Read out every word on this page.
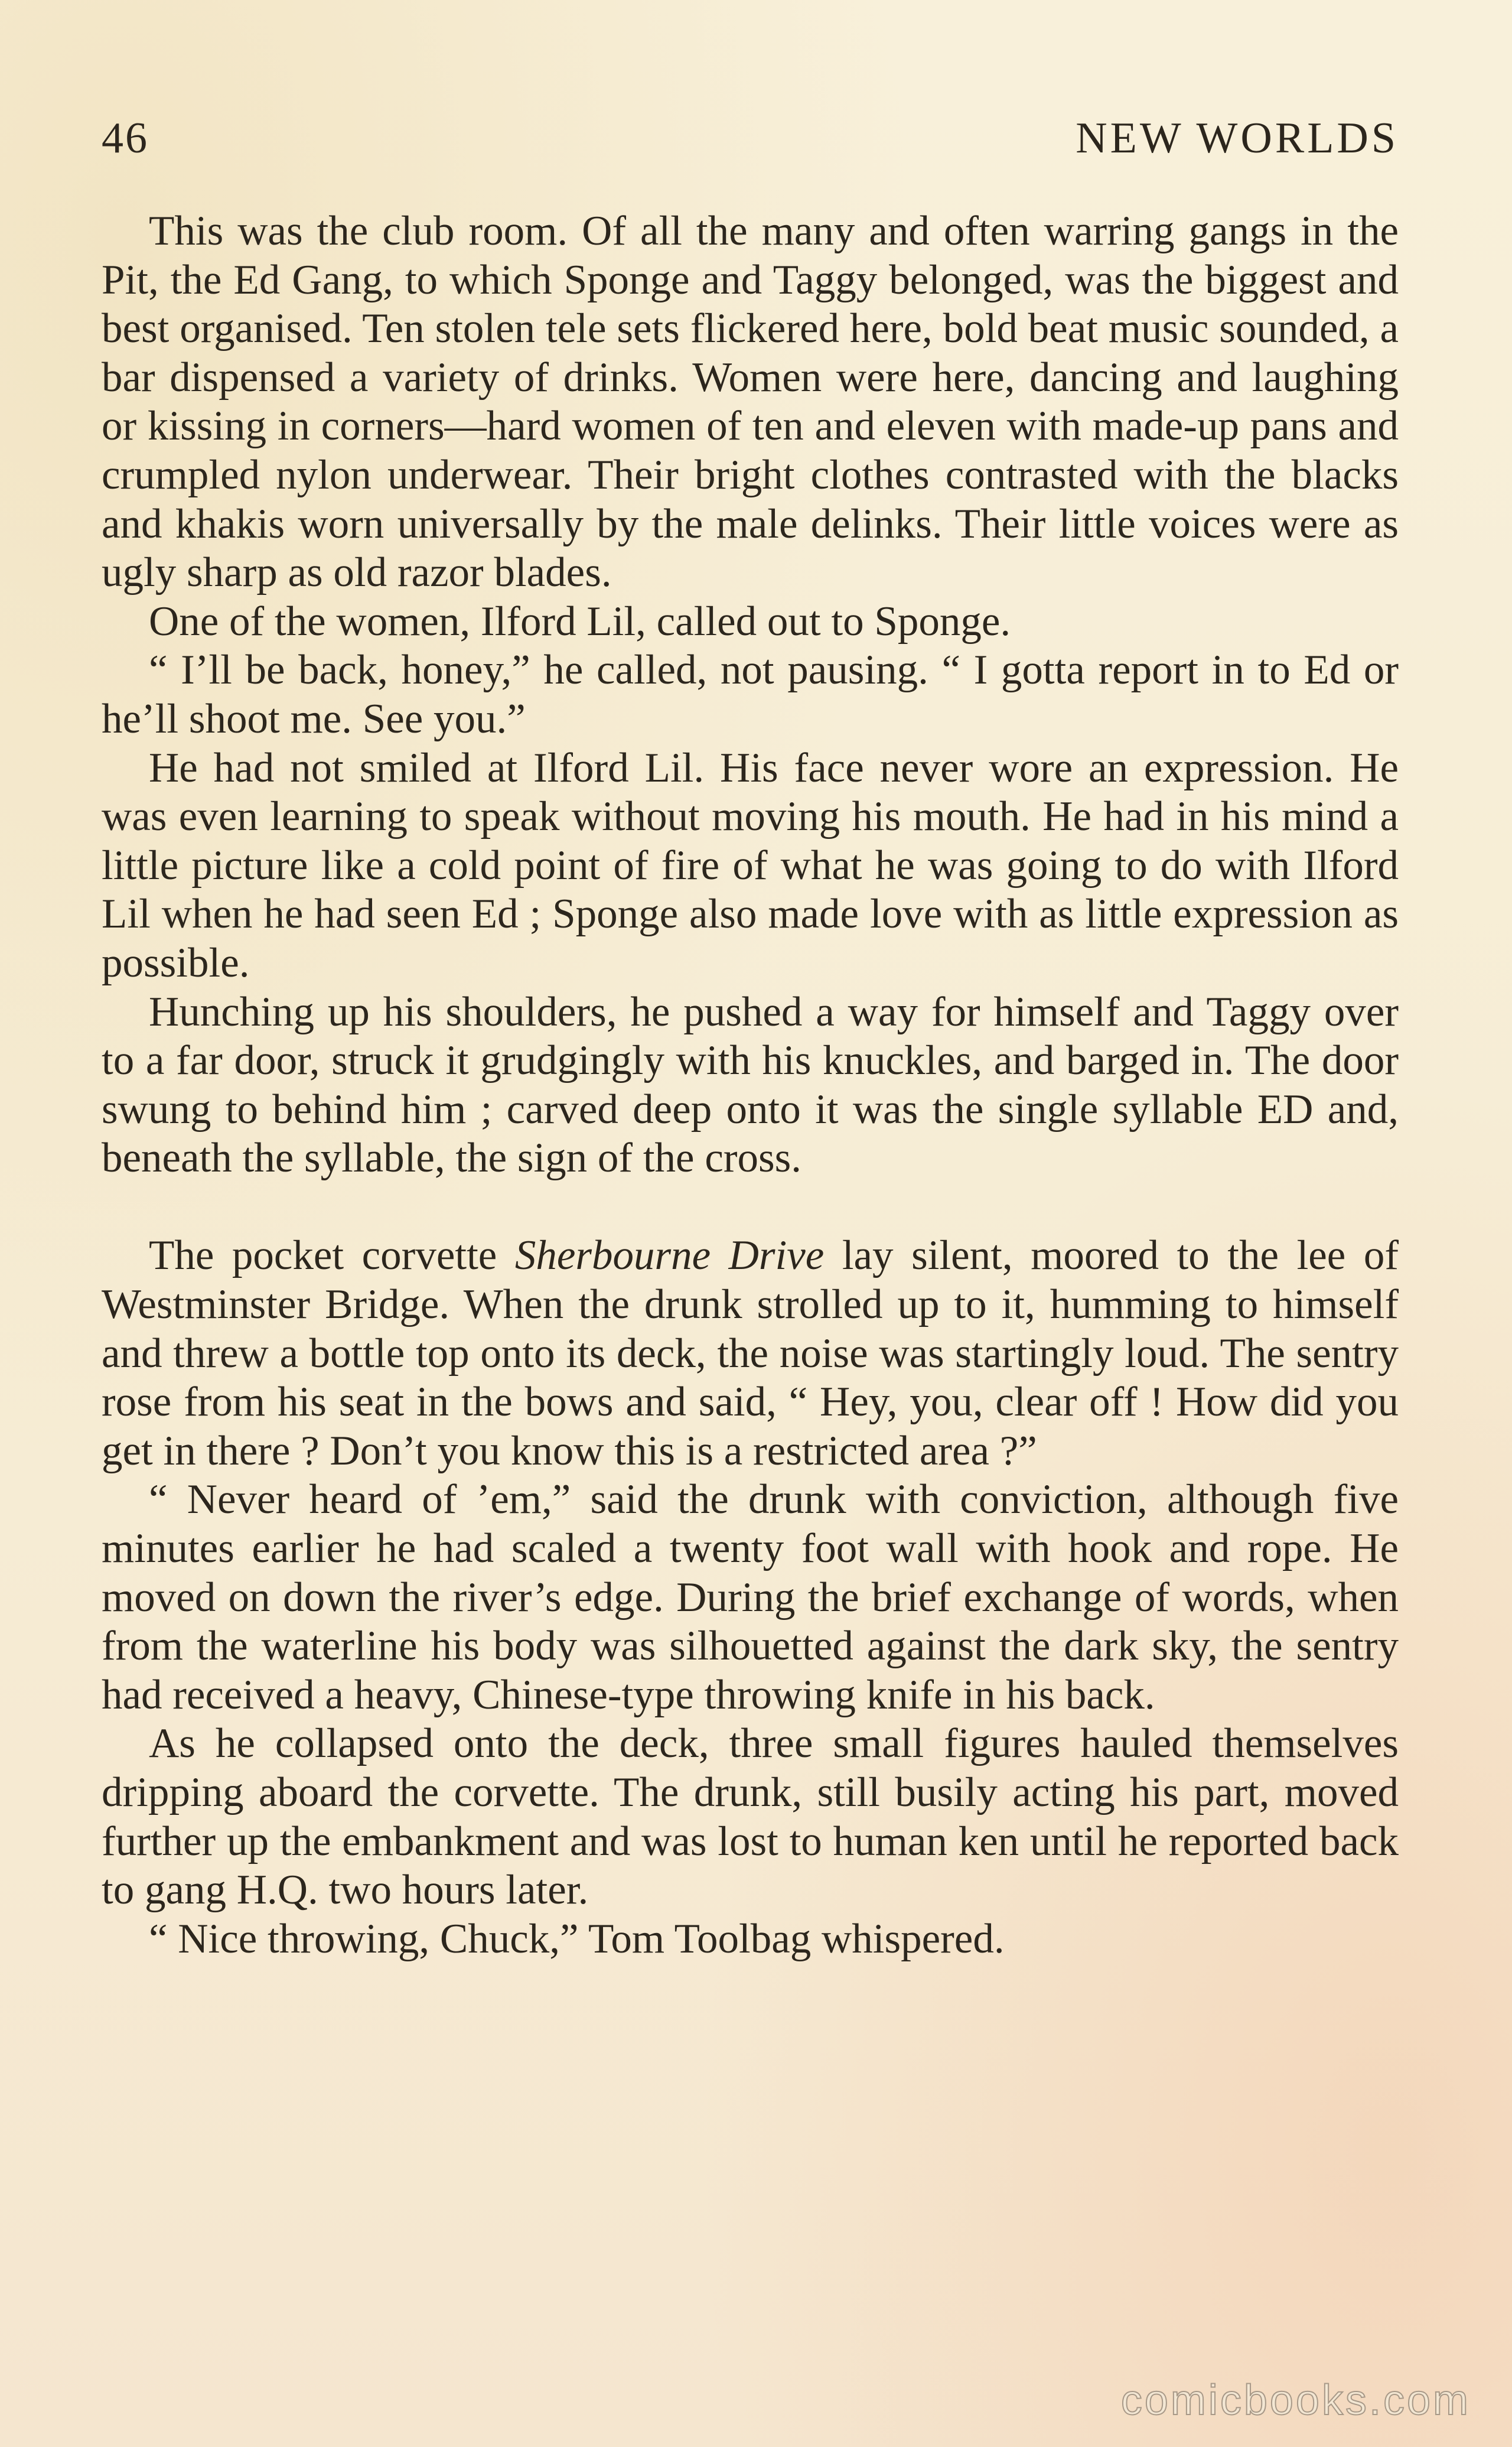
46	NEW WORLDS

This was the club room. Of all the many and often warring gangs in the Pit, the Ed Gang, to which Sponge and Taggy belonged, was the biggest and best organised. Ten stolen tele sets flickered here, bold beat music sounded, a bar dispensed a variety of drinks. Women were here, dancing and laughing or kissing in corners—hard women of ten and eleven with made-up pans and crumpled nylon underwear. Their bright clothes contrasted with the blacks and khakis worn universally by the male delinks. Their little voices were as ugly sharp as old razor blades.

One of the women, Ilford Lil, called out to Sponge.

“ I’ll be back, honey,” he called, not pausing. “ I gotta report in to Ed or he’ll shoot me. See you.”

He had not smiled at Ilford Lil. His face never wore an expression. He was even learning to speak without moving his mouth. He had in his mind a little picture like a cold point of fire of what he was going to do with Ilford Lil when he had seen Ed ; Sponge also made love with as little expression as possible.

Hunching up his shoulders, he pushed a way for himself and Taggy over to a far door, struck it grudgingly with his knuckles, and barged in. The door swung to behind him ; carved deep onto it was the single syllable ED and, beneath the syllable, the sign of the cross.

The pocket corvette Sherbourne Drive lay silent, moored to the lee of Westminster Bridge. When the drunk strolled up to it, humming to himself and threw a bottle top onto its deck, the noise was startingly loud. The sentry rose from his seat in the bows and said, “ Hey, you, clear off ! How did you get in there ? Don’t you know this is a restricted area ?”

“ Never heard of ’em,” said the drunk with conviction, although five minutes earlier he had scaled a twenty foot wall with hook and rope. He moved on down the river’s edge. During the brief exchange of words, when from the waterline his body was silhouetted against the dark sky, the sentry had received a heavy, Chinese-type throwing knife in his back.

As he collapsed onto the deck, three small figures hauled themselves dripping aboard the corvette. The drunk, still busily acting his part, moved further up the embankment and was lost to human ken until he reported back to gang H.Q. two hours later.

“ Nice throwing, Chuck,” Tom Toolbag whispered.

comicbooks.com
